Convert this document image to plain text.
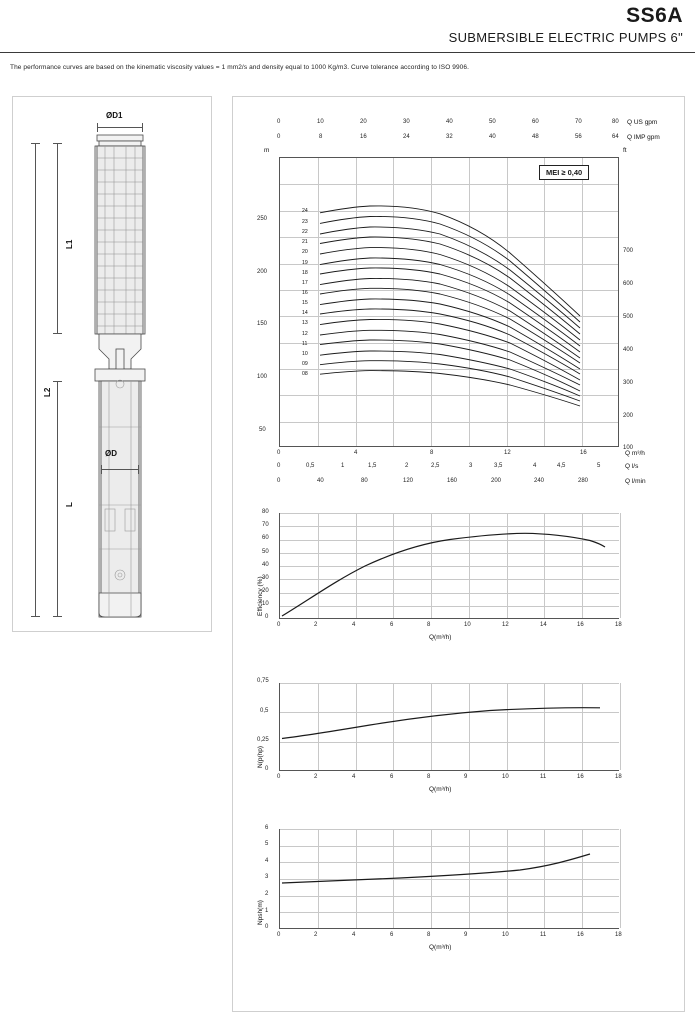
SS6A
SUBMERSIBLE ELECTRIC PUMPS 6"
The performance curves are based on the kinematic viscosity values = 1 mm2/s and density equal to 1000 Kg/m3. Curve tolerance according to ISO 9906.
ØD1
ØD
L1
L2
L
0	10	20	30	40	50	60	70	80 Q US gpm
0	8	16	24	32	40	48	56	64 Q IMP gpm
m	ft
24
23
22
21
20
19
18
17
16
15
14
13
12
11
10
09
08
MEI ≥ 0,40
50
100
150
200
250
100
200
300
400
500
600
700
0	4	8	12	16	Q m³/h
0	0,5	1	1,5	2	2,5	3	3,5	4	4,5	5	Q l/s
0	40	80	120	160	200	240	280	Q l/min
Efficiency (%)
0
10
20
30
40
50
60
70
80
0	2	4	6	8	10	12	14	16	18
Q(m³/h)
N(p(hp)
0
0,25
0,5
0,75
0	2	4	6	8	9	10	11	16	18
Q(m³/h)
Npsh(m)
0
1
2
3
4
5
6
0	2	4	6	8	9	10	11	16	18
Q(m³/h)
